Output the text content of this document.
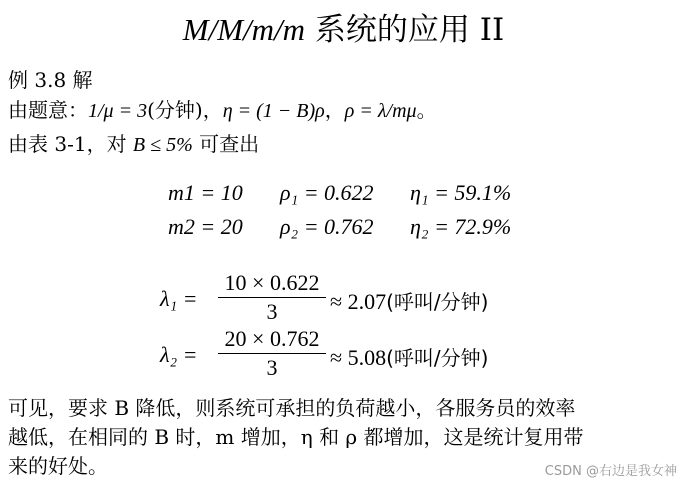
M/M/m/m 系统的应用 II
例 3.8 解
由题意：1/μ = 3(分钟)，η = (1 − B)ρ，ρ = λ/mμ。
由表 3-1，对 B ≤ 5% 可查出
m1 = 10 ρ₁ = 0.622 η₁ = 59.1%
m2 = 20 ρ₂ = 0.762 η₂ = 72.9%
λ₁ =
10 × 0.622
3	≈ 2.07(呼叫/分钟)
λ₂ =
20 × 0.762
3	≈ 5.08(呼叫/分钟)
可见，要求 B 降低，则系统可承担的负荷越小，各服务员的效率
越低，在相同的 B 时，m 增加，η 和 ρ 都增加，这是统计复用带
来的好处。	CSDN @右边是我女神
